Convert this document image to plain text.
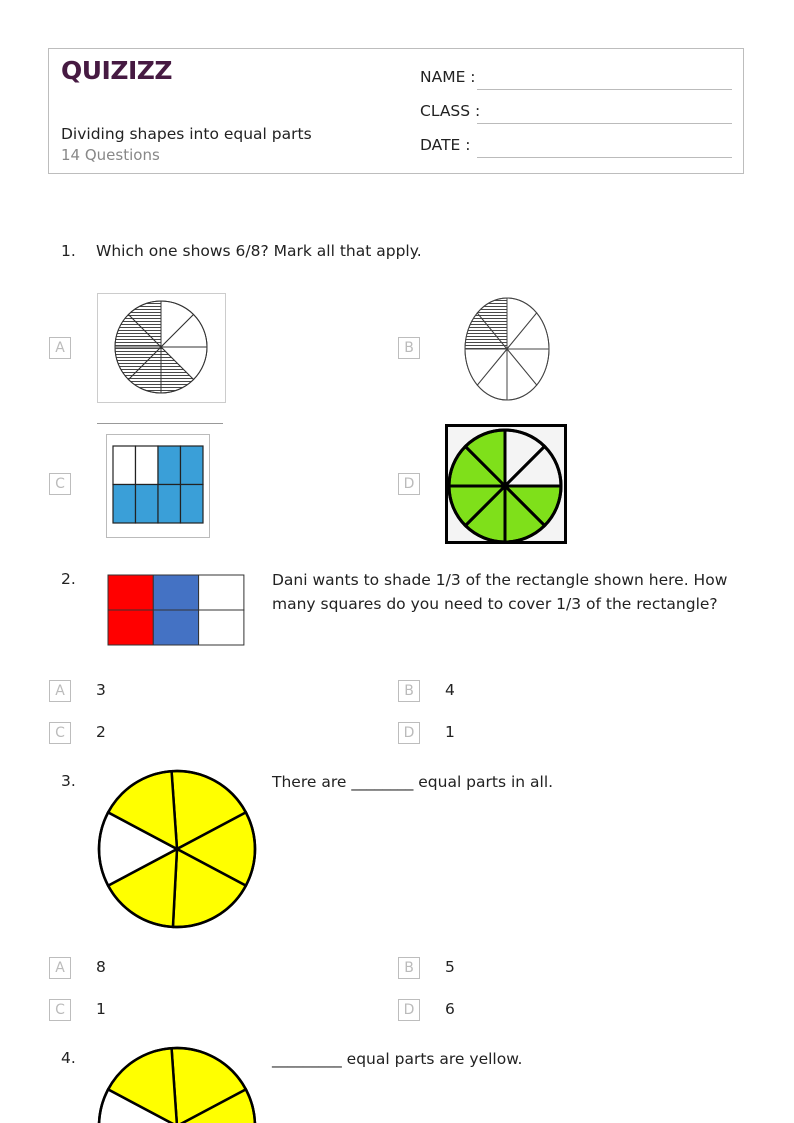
QUIZIZZ
Dividing shapes into equal parts
14 Questions
NAME :
CLASS :
DATE :
1. Which one shows 6/8? Mark all that apply.
A	B
C	D
2.	Dani wants to shade 1/3 of the rectangle shown here. How many squares do you need to cover 1/3 of the rectangle?
A	3	B	4
C	2	D	1
3.	There are ________ equal parts in all.
A	8	B	5
C	1	D	6
4.	_________ equal parts are yellow.
